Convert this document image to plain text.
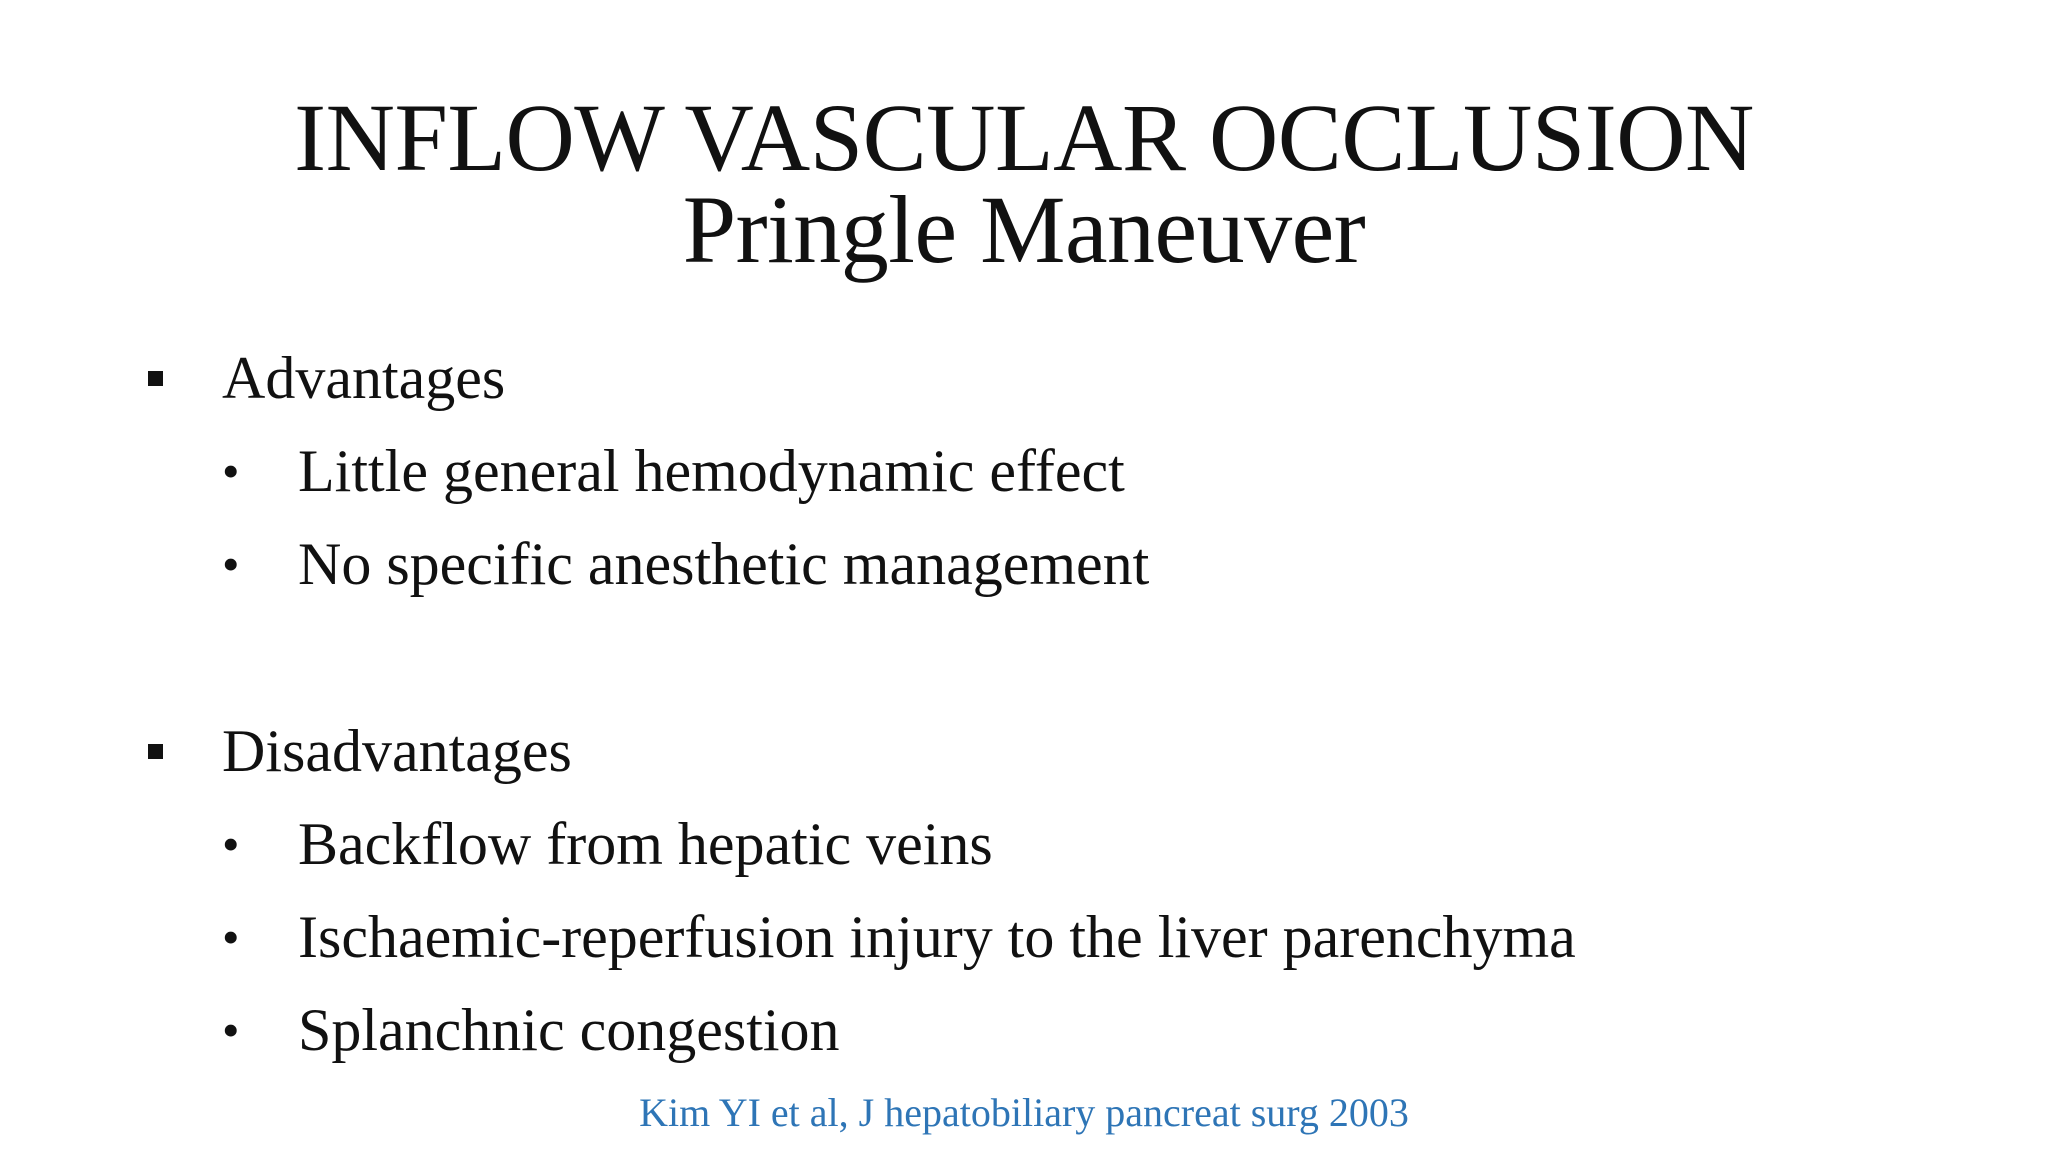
INFLOW VASCULAR OCCLUSION
Pringle Maneuver
Advantages
• Little general hemodynamic effect
• No specific anesthetic management
Disadvantages
• Backflow from hepatic veins
• Ischaemic-reperfusion injury to the liver parenchyma
• Splanchnic congestion
Kim YI et al, J hepatobiliary pancreat surg 2003
